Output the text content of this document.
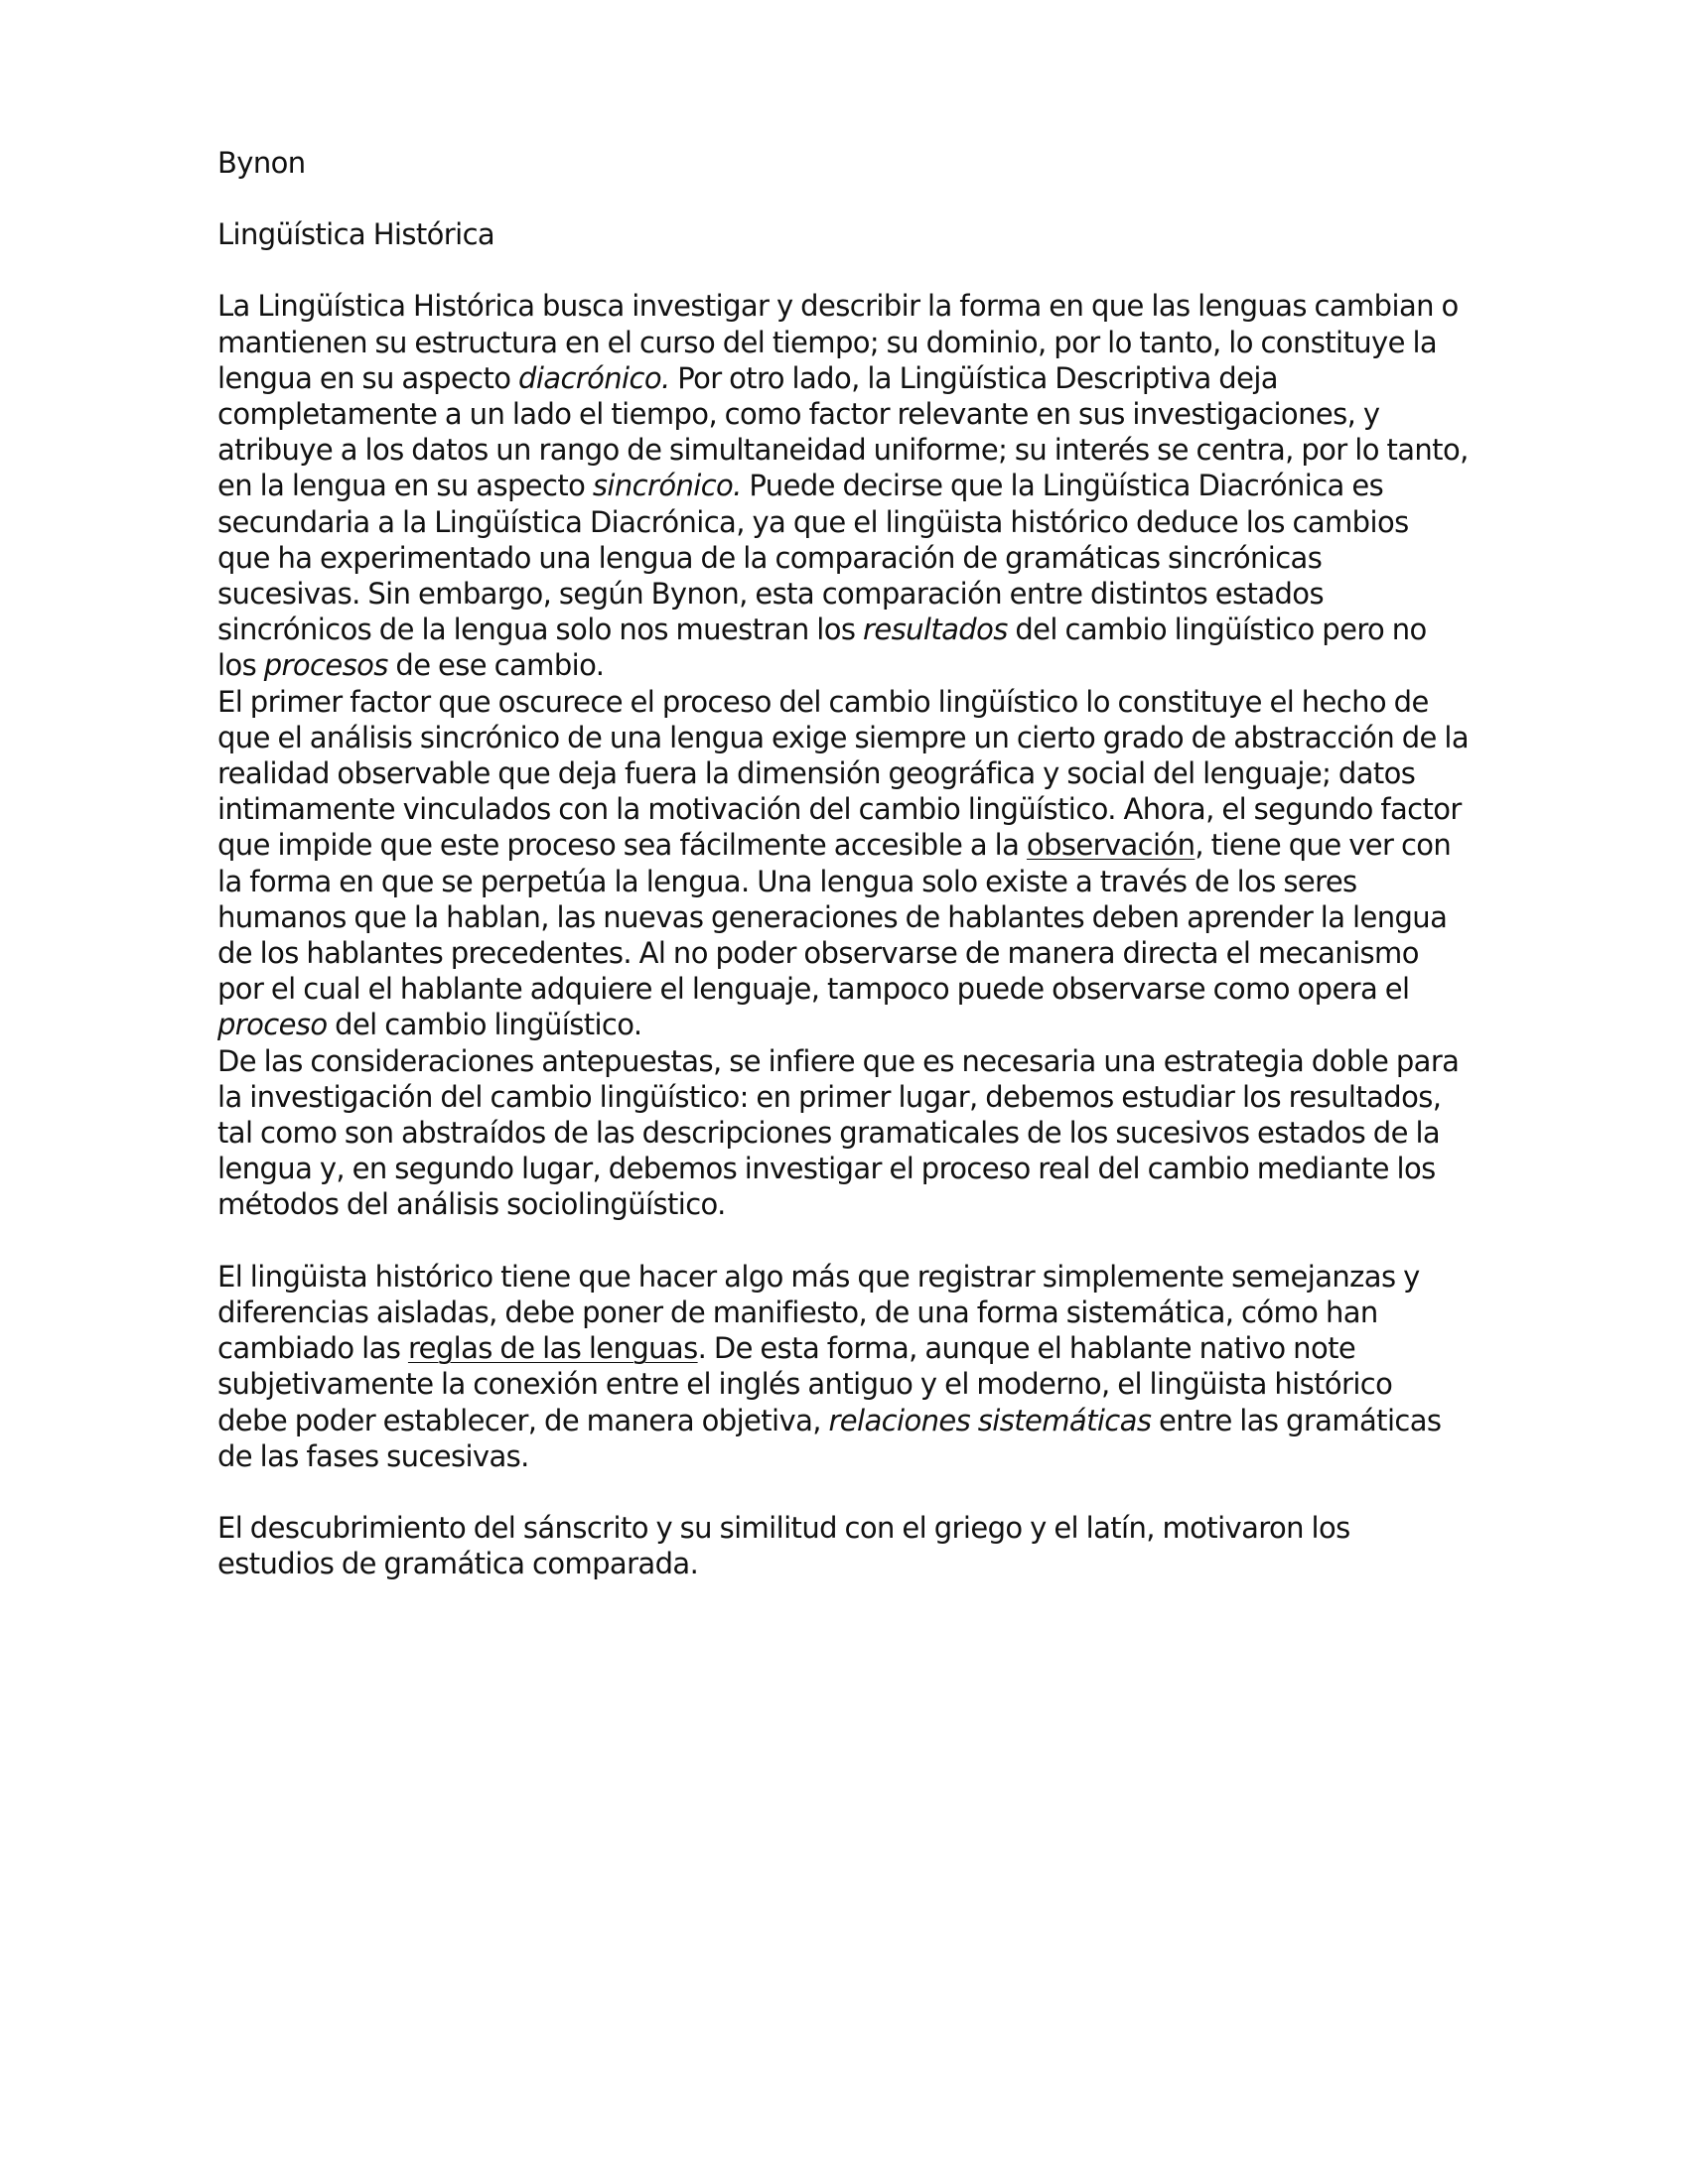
Bynon

Lingüística Histórica

La Lingüística Histórica busca investigar y describir la forma en que las lenguas cambian o mantienen su estructura en el curso del tiempo; su dominio, por lo tanto, lo constituye la lengua en su aspecto diacrónico. Por otro lado, la Lingüística Descriptiva deja completamente a un lado el tiempo, como factor relevante en sus investigaciones, y atribuye a los datos un rango de simultaneidad uniforme; su interés se centra, por lo tanto, en la lengua en su aspecto sincrónico. Puede decirse que la Lingüística Diacrónica es secundaria a la Lingüística Diacrónica, ya que el lingüista histórico deduce los cambios que ha experimentado una lengua de la comparación de gramáticas sincrónicas sucesivas. Sin embargo, según Bynon, esta comparación entre distintos estados sincrónicos de la lengua solo nos muestran los resultados del cambio lingüístico pero no los procesos de ese cambio.

El primer factor que oscurece el proceso del cambio lingüístico lo constituye el hecho de que el análisis sincrónico de una lengua exige siempre un cierto grado de abstracción de la realidad observable que deja fuera la dimensión geográfica y social del lenguaje; datos intimamente vinculados con la motivación del cambio lingüístico. Ahora, el segundo factor que impide que este proceso sea fácilmente accesible a la observación, tiene que ver con la forma en que se perpetúa la lengua. Una lengua solo existe a través de los seres humanos que la hablan, las nuevas generaciones de hablantes deben aprender la lengua de los hablantes precedentes. Al no poder observarse de manera directa el mecanismo por el cual el hablante adquiere el lenguaje, tampoco puede observarse como opera el proceso del cambio lingüístico.

De las consideraciones antepuestas, se infiere que es necesaria una estrategia doble para la investigación del cambio lingüístico: en primer lugar, debemos estudiar los resultados, tal como son abstraídos de las descripciones gramaticales de los sucesivos estados de la lengua y, en segundo lugar, debemos investigar el proceso real del cambio mediante los métodos del análisis sociolingüístico.

El lingüista histórico tiene que hacer algo más que registrar simplemente semejanzas y diferencias aisladas, debe poner de manifiesto, de una forma sistemática, cómo han cambiado las reglas de las lenguas. De esta forma, aunque el hablante nativo note subjetivamente la conexión entre el inglés antiguo y el moderno, el lingüista histórico debe poder establecer, de manera objetiva, relaciones sistemáticas entre las gramáticas de las fases sucesivas.

El descubrimiento del sánscrito y su similitud con el griego y el latín, motivaron los estudios de gramática comparada.
